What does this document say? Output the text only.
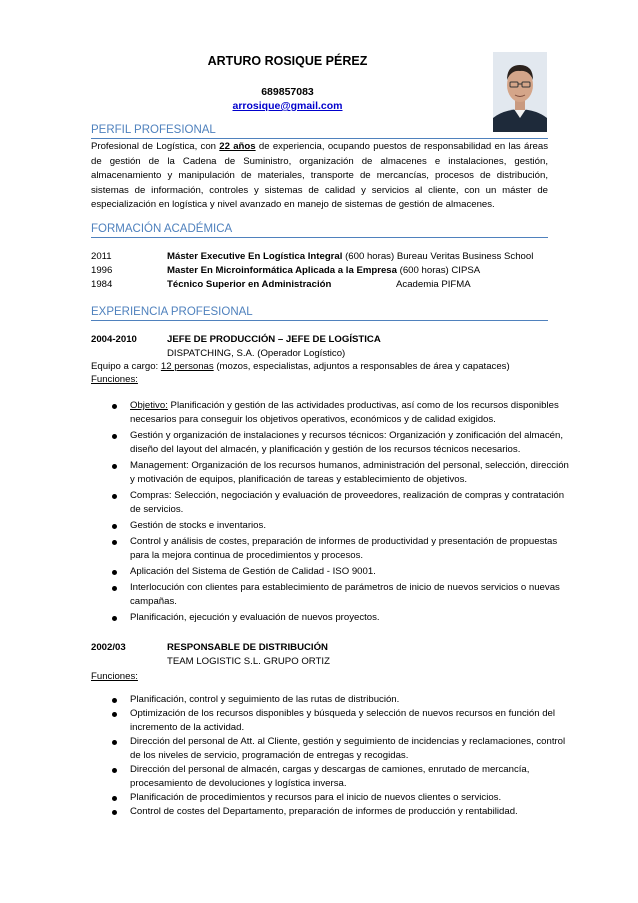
ARTURO ROSIQUE PÉREZ
689857083
arrosique@gmail.com
PERFIL PROFESIONAL
Profesional de Logística, con 22 años de experiencia, ocupando puestos de responsabilidad en las áreas de gestión de la Cadena de Suministro, organización de almacenes e instalaciones, gestión, almacenamiento y manipulación de materiales, transporte de mercancías, procesos de distribución, sistemas de información, controles y sistemas de calidad y servicios al cliente, con un máster de especialización en logística y nivel avanzado en manejo de sistemas de gestión de almacenes.
FORMACIÓN ACADÉMICA
2011	Máster Executive En Logística Integral (600 horas) Bureau Veritas Business School
1996	Master En Microinformática Aplicada a la Empresa (600 horas) CIPSA
1984	Técnico Superior en Administración	Academia PIFMA
EXPERIENCIA PROFESIONAL
2004-2010	JEFE DE PRODUCCIÓN – JEFE DE LOGÍSTICA
DISPATCHING, S.A. (Operador Logístico)
Equipo a cargo: 12 personas (mozos, especialistas, adjuntos a responsables de área y capataces)
Funciones:
Objetivo: Planificación y gestión de las actividades productivas, así como de los recursos disponibles necesarios para conseguir los objetivos operativos, económicos y de calidad exigidos.
Gestión y organización de instalaciones y recursos técnicos: Organización y zonificación del almacén, diseño del layout del almacén, y planificación y gestión de los recursos técnicos necesarios.
Management: Organización de los recursos humanos, administración del personal, selección, dirección y motivación de equipos, planificación de tareas y establecimiento de objetivos.
Compras: Selección, negociación y evaluación de proveedores, realización de compras y contratación de servicios.
Gestión de stocks e inventarios.
Control y análisis de costes, preparación de informes de productividad y presentación de propuestas para la mejora continua de procedimientos y procesos.
Aplicación del Sistema de Gestión de Calidad - ISO 9001.
Interlocución con clientes para establecimiento de parámetros de inicio de nuevos servicios o nuevas campañas.
Planificación, ejecución y evaluación de nuevos proyectos.
2002/03	RESPONSABLE DE DISTRIBUCIÓN
TEAM LOGISTIC S.L. GRUPO ORTIZ
Funciones:
Planificación, control y seguimiento de las rutas de distribución.
Optimización de los recursos disponibles y búsqueda y selección de nuevos recursos en función del incremento de la actividad.
Dirección del personal de Att. al Cliente, gestión y seguimiento de incidencias y reclamaciones, control de los niveles de servicio, programación de entregas y recogidas.
Dirección del personal de almacén, cargas y descargas de camiones, enrutado de mercancía, procesamiento de devoluciones y logística inversa.
Planificación de procedimientos y recursos para el inicio de nuevos clientes o servicios.
Control de costes del Departamento, preparación de informes de producción y rentabilidad.
